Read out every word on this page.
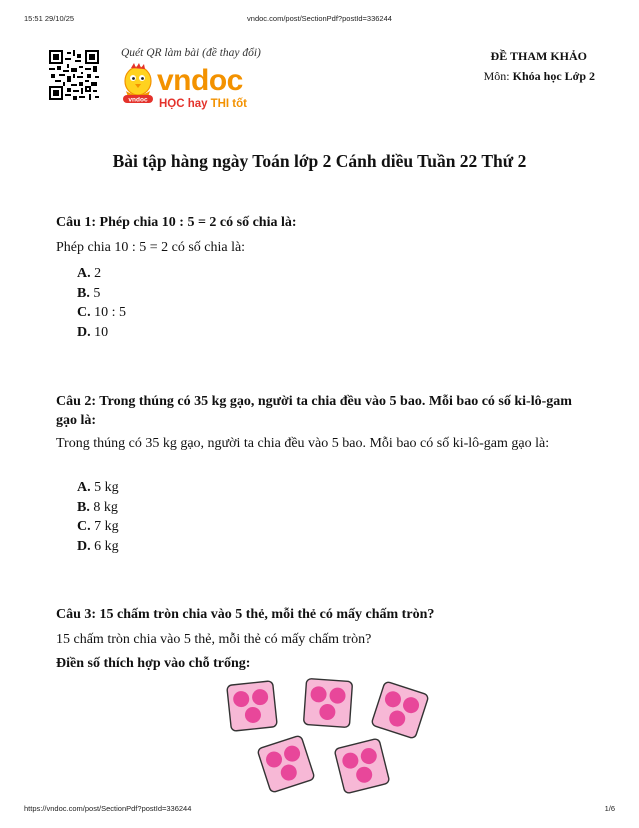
15:51 29/10/25	vndoc.com/post/SectionPdf?postId=336244
Quét QR làm bài (đề thay đổi)
vndoc
vndoc
HỌC hay THI tốt
ĐỀ THAM KHẢO
Môn: Khóa học Lớp 2
Bài tập hàng ngày Toán lớp 2 Cánh diều Tuần 22 Thứ 2
Câu 1: Phép chia 10 : 5 = 2 có số chia là:
Phép chia 10 : 5 = 2 có số chia là:
A. 2
B. 5
C. 10 : 5
D. 10
Câu 2: Trong thúng có 35 kg gạo, người ta chia đều vào 5 bao. Mỗi bao có số ki-lô-gam gạo là:
Trong thúng có 35 kg gạo, người ta chia đều vào 5 bao. Mỗi bao có số ki-lô-gam gạo là:
A. 5 kg
B. 8 kg
C. 7 kg
D. 6 kg
Câu 3: 15 chấm tròn chia vào 5 thẻ, mỗi thẻ có mấy chấm tròn?
15 chấm tròn chia vào 5 thẻ, mỗi thẻ có mấy chấm tròn?
Điền số thích hợp vào chỗ trống:
https://vndoc.com/post/SectionPdf?postId=336244	1/6
